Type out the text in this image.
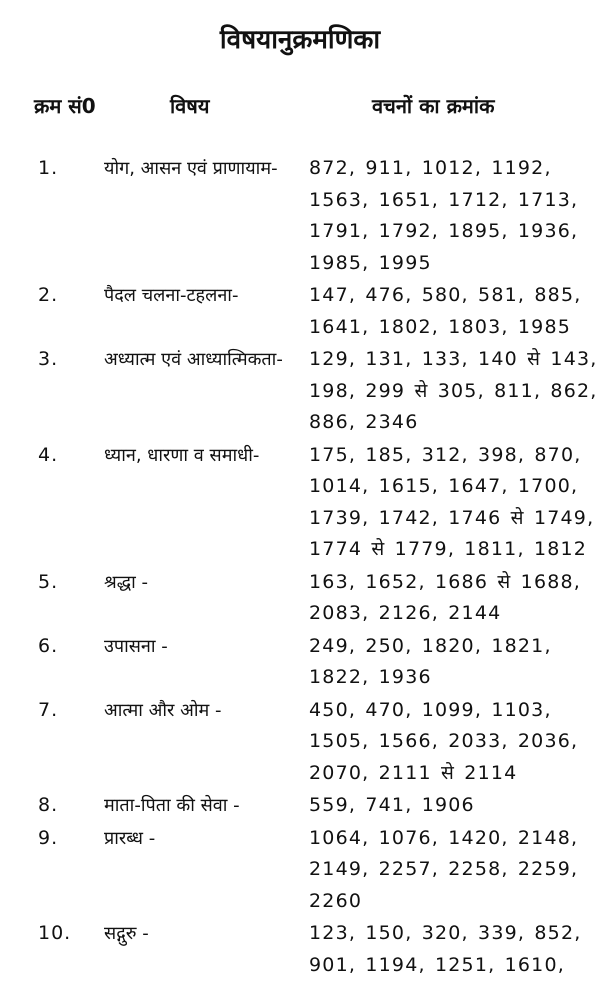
विषयानुक्रमणिका
क्रम सं0	विषय	वचनों का क्रमांक
1.	योग, आसन एवं प्राणायाम- 872, 911, 1012, 1192,
1563, 1651, 1712, 1713,
1791, 1792, 1895, 1936,
1985, 1995
2.	पैदल चलना-टहलना-	147, 476, 580, 581, 885,
1641, 1802, 1803, 1985
3.	अध्यात्म एवं आध्यात्मिकता- 129, 131, 133, 140 से 143,
198, 299 से 305, 811, 862,
886, 2346
4.	ध्यान, धारणा व समाधी-	175, 185, 312, 398, 870,
1014, 1615, 1647, 1700,
1739, 1742, 1746 से 1749,
1774 से 1779, 1811, 1812
5.	श्रद्धा -	163, 1652, 1686 से 1688,
2083, 2126, 2144
6.	उपासना -	249, 250, 1820, 1821,
1822, 1936
7.	आत्मा और ओम -	450, 470, 1099, 1103,
1505, 1566, 2033, 2036,
2070, 2111 से 2114
8.	माता-पिता की सेवा -	559, 741, 1906
9.	प्रारब्ध -	1064, 1076, 1420, 2148,
2149, 2257, 2258, 2259,
2260
10. सद्गुरु -	123, 150, 320, 339, 852,
901, 1194, 1251, 1610,
